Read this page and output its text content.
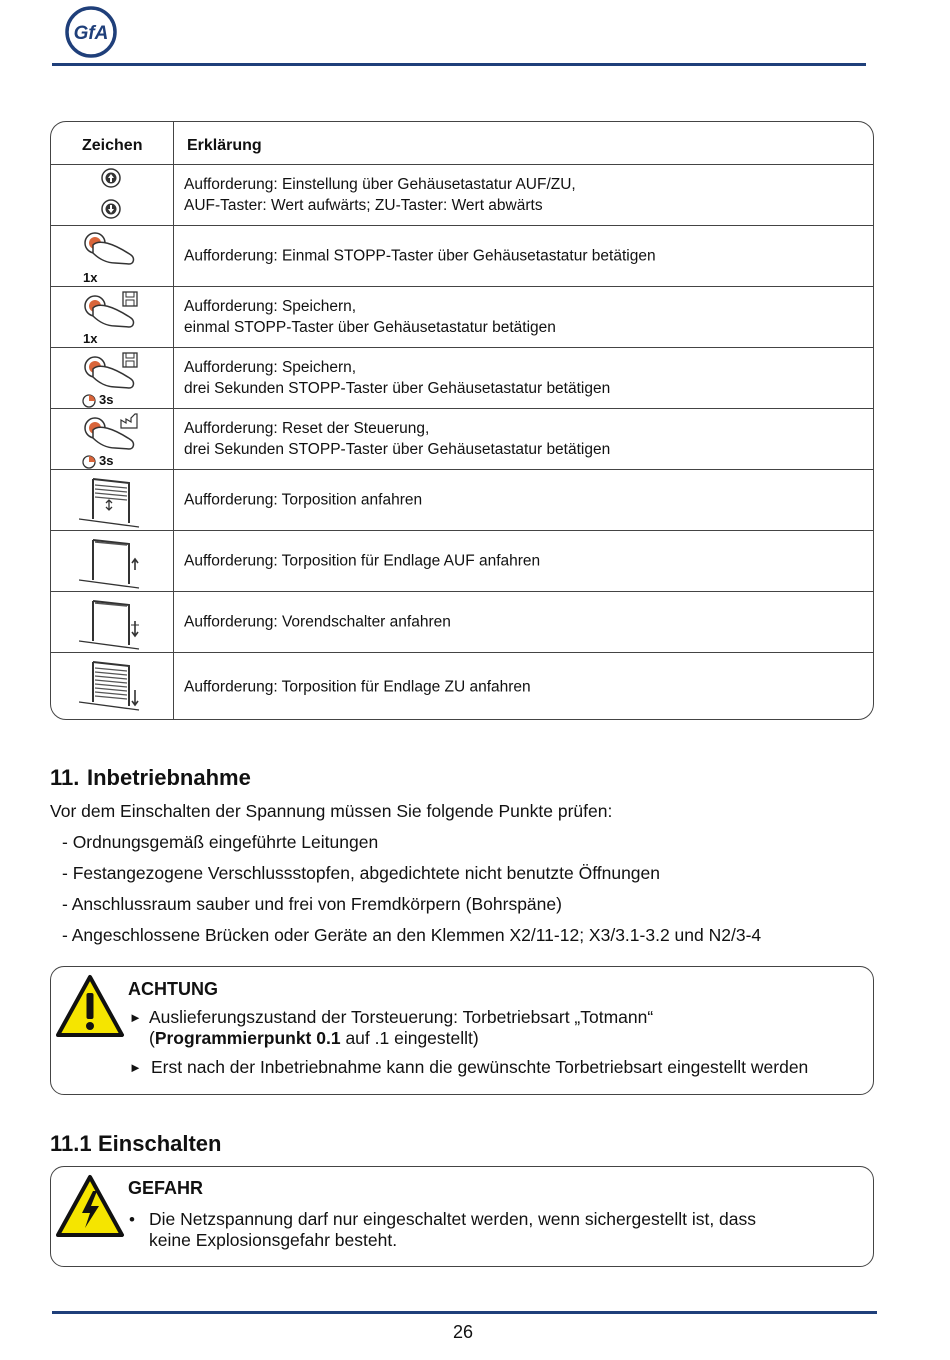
GfA
Zeichen	Erklärung
Aufforderung: Einstellung über Gehäusetastatur AUF/ZU,
AUF-Taster: Wert aufwärts; ZU-Taster: Wert abwärts
1x
Aufforderung: Einmal STOPP-Taster über Gehäusetastatur betätigen
1x
Aufforderung: Speichern,
einmal STOPP-Taster über Gehäusetastatur betätigen
3s
Aufforderung: Speichern,
drei Sekunden STOPP-Taster über Gehäusetastatur betätigen
3s
Aufforderung: Reset der Steuerung,
drei Sekunden STOPP-Taster über Gehäusetastatur betätigen
Aufforderung: Torposition anfahren
Aufforderung: Torposition für Endlage AUF anfahren
Aufforderung: Vorendschalter anfahren
Aufforderung: Torposition für Endlage ZU anfahren
11. Inbetriebnahme
Vor dem Einschalten der Spannung müssen Sie folgende Punkte prüfen:
- Ordnungsgemäß eingeführte Leitungen
- Festangezogene Verschlussstopfen, abgedichtete nicht benutzte Öffnungen
- Anschlussraum sauber und frei von Fremdkörpern (Bohrspäne)
- Angeschlossene Brücken oder Geräte an den Klemmen X2/11-12; X3/3.1-3.2 und N2/3-4
ACHTUNG
► Auslieferungszustand der Torsteuerung: Torbetriebsart „Totmann“
(Programmierpunkt 0.1 auf .1 eingestellt)
► Erst nach der Inbetriebnahme kann die gewünschte Torbetriebsart eingestellt werden
11.1 Einschalten
GEFAHR
• Die Netzspannung darf nur eingeschaltet werden, wenn sichergestellt ist, dass
keine Explosionsgefahr besteht.
26
